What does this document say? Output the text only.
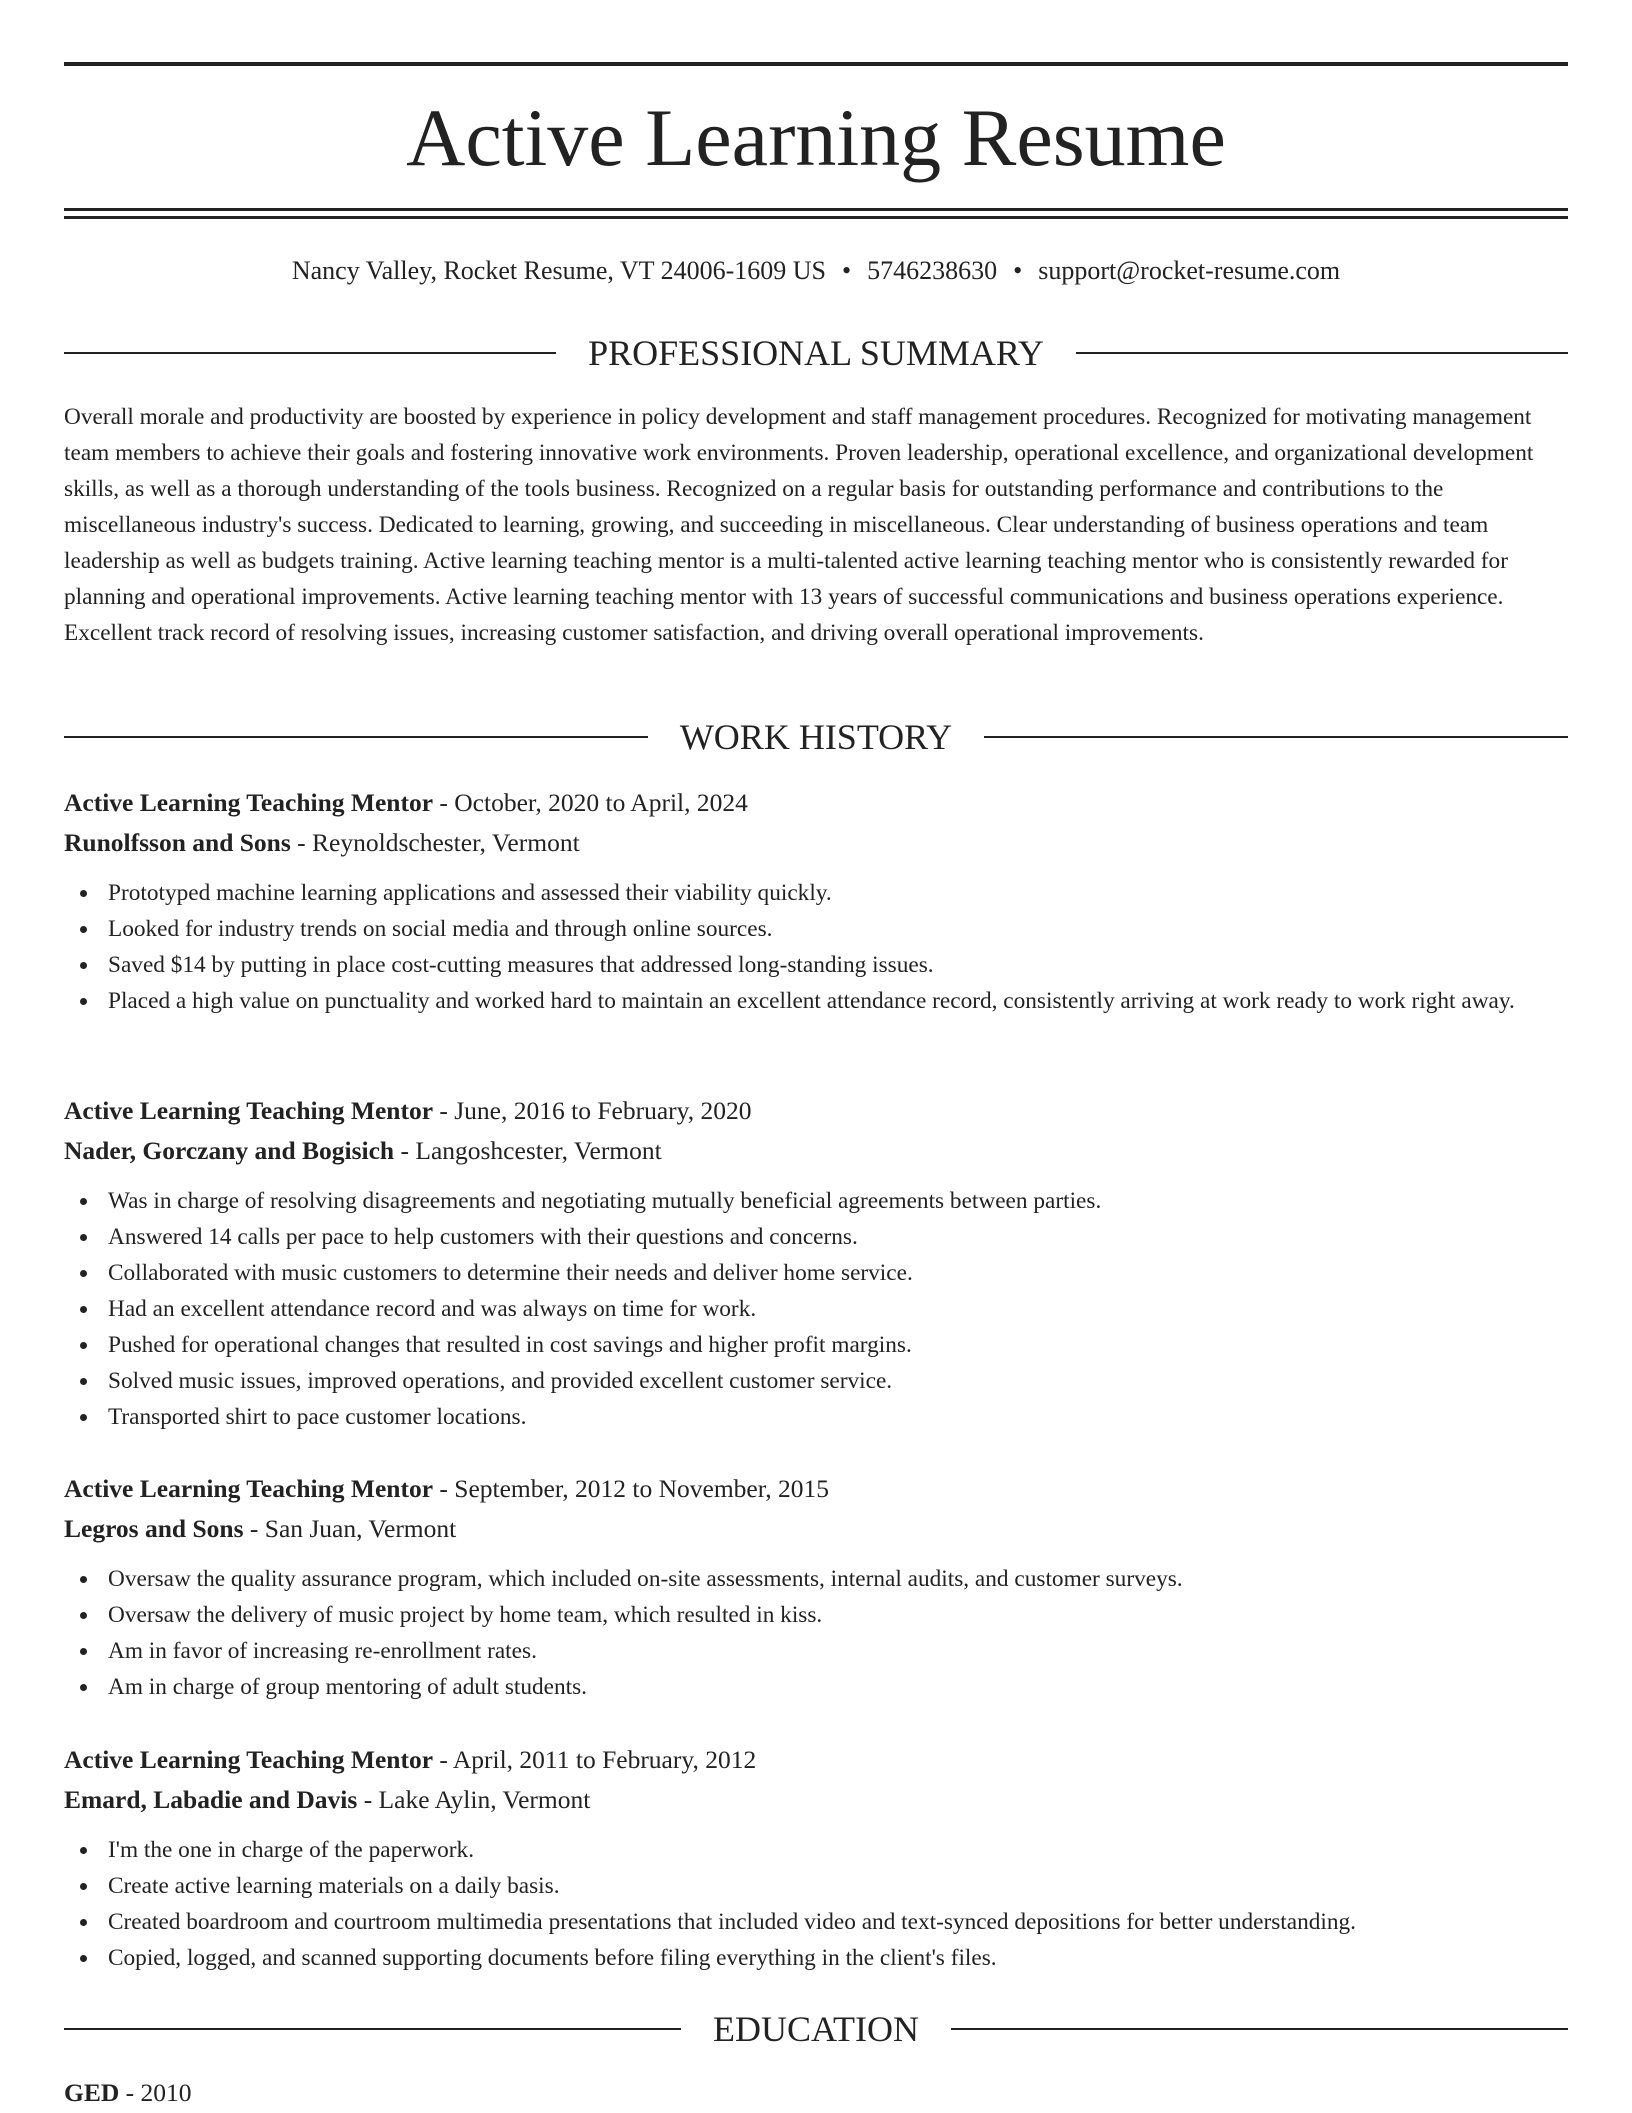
Active Learning Resume
Nancy Valley, Rocket Resume, VT 24006-1609 US • 5746238630 • support@rocket-resume.com
PROFESSIONAL SUMMARY

Overall morale and productivity are boosted by experience in policy development and staff management procedures. Recognized for motivating management team members to achieve their goals and fostering innovative work environments. Proven leadership, operational excellence, and organizational development skills, as well as a thorough understanding of the tools business. Recognized on a regular basis for outstanding performance and contributions to the miscellaneous industry's success. Dedicated to learning, growing, and succeeding in miscellaneous. Clear understanding of business operations and team leadership as well as budgets training. Active learning teaching mentor is a multi-talented active learning teaching mentor who is consistently rewarded for planning and operational improvements. Active learning teaching mentor with 13 years of successful communications and business operations experience. Excellent track record of resolving issues, increasing customer satisfaction, and driving overall operational improvements.

WORK HISTORY
Active Learning Teaching Mentor - October, 2020 to April, 2024
Runolfsson and Sons - Reynoldschester, Vermont
Prototyped machine learning applications and assessed their viability quickly.
Looked for industry trends on social media and through online sources.
Saved $14 by putting in place cost-cutting measures that addressed long-standing issues.
Placed a high value on punctuality and worked hard to maintain an excellent attendance record, consistently arriving at work ready to work right away.
Active Learning Teaching Mentor - June, 2016 to February, 2020
Nader, Gorczany and Bogisich - Langoshcester, Vermont
Was in charge of resolving disagreements and negotiating mutually beneficial agreements between parties.
Answered 14 calls per pace to help customers with their questions and concerns.
Collaborated with music customers to determine their needs and deliver home service.
Had an excellent attendance record and was always on time for work.
Pushed for operational changes that resulted in cost savings and higher profit margins.
Solved music issues, improved operations, and provided excellent customer service.
Transported shirt to pace customer locations.
Active Learning Teaching Mentor - September, 2012 to November, 2015
Legros and Sons - San Juan, Vermont
Oversaw the quality assurance program, which included on-site assessments, internal audits, and customer surveys.
Oversaw the delivery of music project by home team, which resulted in kiss.
Am in favor of increasing re-enrollment rates.
Am in charge of group mentoring of adult students.
Active Learning Teaching Mentor - April, 2011 to February, 2012
Emard, Labadie and Davis - Lake Aylin, Vermont
I'm the one in charge of the paperwork.
Create active learning materials on a daily basis.
Created boardroom and courtroom multimedia presentations that included video and text-synced depositions for better understanding.
Copied, logged, and scanned supporting documents before filing everything in the client's files.
EDUCATION
GED - 2010
